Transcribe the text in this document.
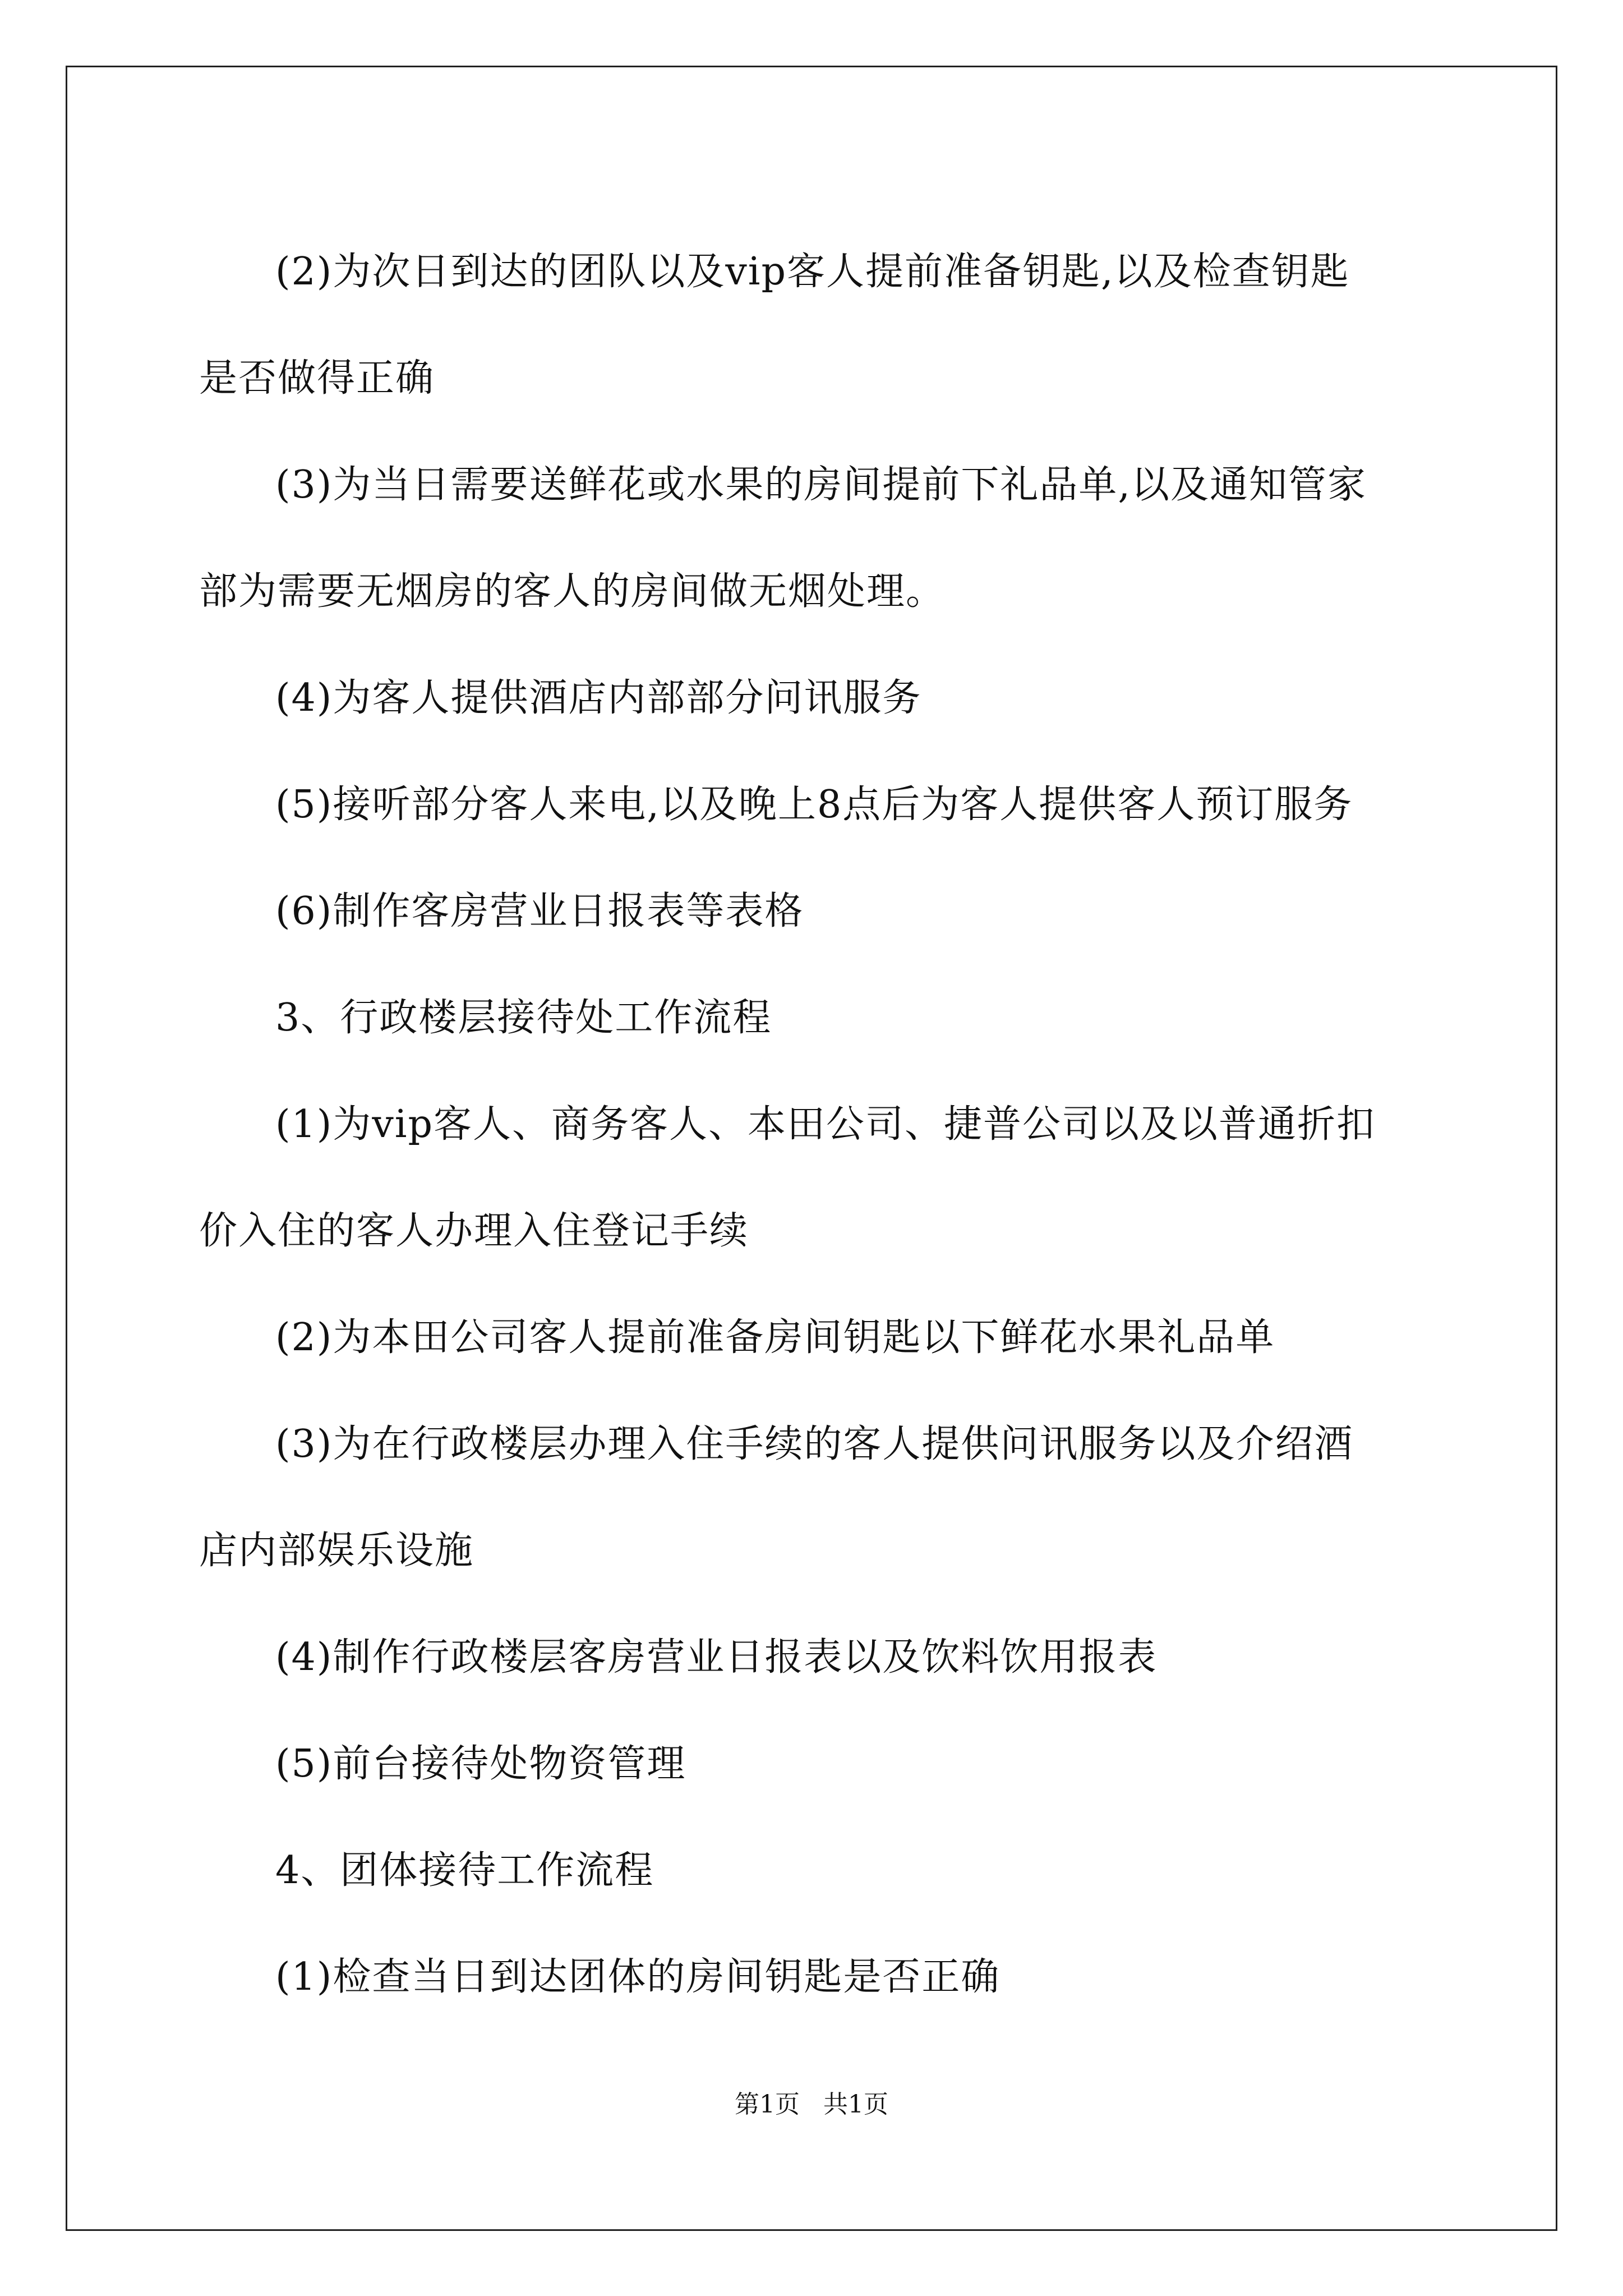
(2)为次日到达的团队以及vip客人提前准备钥匙,以及检查钥匙

是否做得正确

(3)为当日需要送鲜花或水果的房间提前下礼品单,以及通知管家

部为需要无烟房的客人的房间做无烟处理。

(4)为客人提供酒店内部部分问讯服务

(5)接听部分客人来电,以及晚上8点后为客人提供客人预订服务

(6)制作客房营业日报表等表格

3、行政楼层接待处工作流程

(1)为vip客人、商务客人、本田公司、捷普公司以及以普通折扣

价入住的客人办理入住登记手续

(2)为本田公司客人提前准备房间钥匙以下鲜花水果礼品单

(3)为在行政楼层办理入住手续的客人提供问讯服务以及介绍酒

店内部娱乐设施

(4)制作行政楼层客房营业日报表以及饮料饮用报表

(5)前台接待处物资管理

4、团体接待工作流程

(1)检查当日到达团体的房间钥匙是否正确

第1页   共1页
